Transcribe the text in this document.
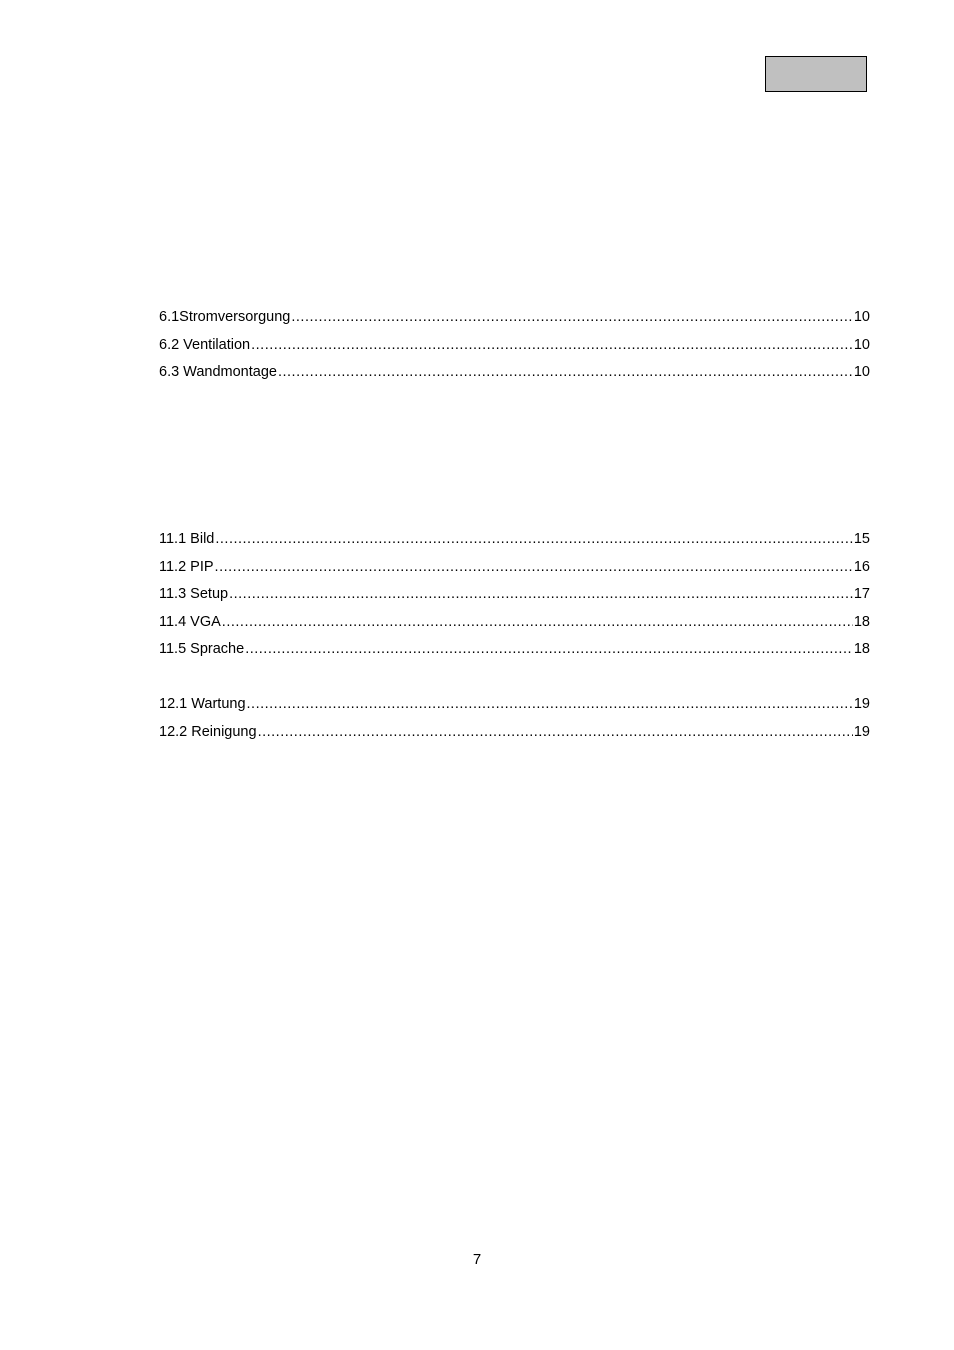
6.1Stromversorgung .....	10
6.2 Ventilation .....	10
6.3 Wandmontage .....	10
11.1 Bild .....	15
11.2 PIP .....	16
11.3 Setup .....	17
11.4 VGA .....	18
11.5 Sprache .....	18
12.1 Wartung .....	19
12.2 Reinigung .....	19
7
